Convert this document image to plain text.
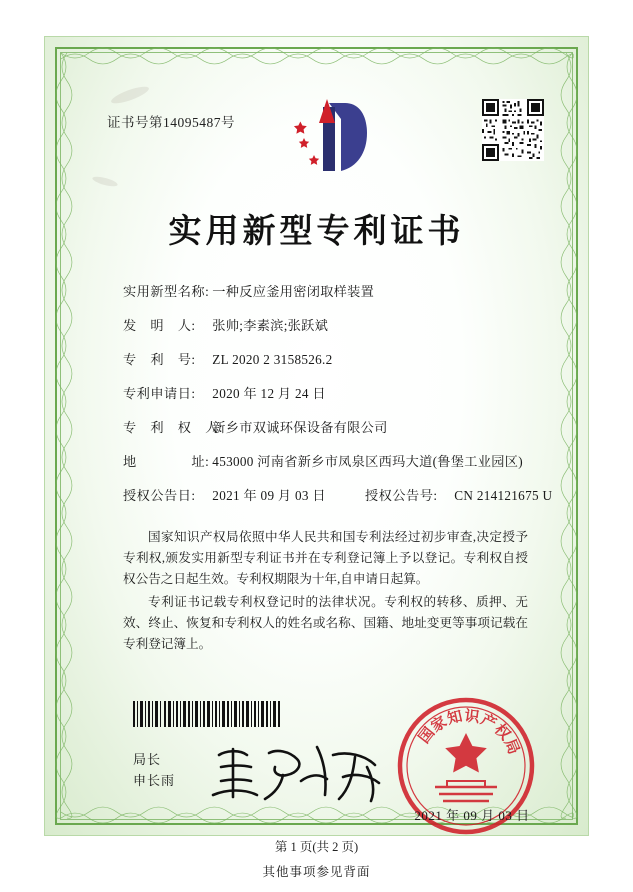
证书号第14095487号
实用新型专利证书
实用新型名称: 一种反应釜用密闭取样装置
发　明　人: 张帅;李素滨;张跃斌
专　利　号: ZL 2020 2 3158526.2
专利申请日: 2020 年 12 月 24 日
专　利　权　人: 新乡市双诚环保设备有限公司
地　　　　址: 453000 河南省新乡市凤泉区西玛大道(鲁堡工业园区)
授权公告日: 2021 年 09 月 03 日	授权公告号: CN 214121675 U
国家知识产权局依照中华人民共和国专利法经过初步审查,决定授予专利权,颁发实用新型专利证书并在专利登记簿上予以登记。专利权自授权公告之日起生效。专利权期限为十年,自申请日起算。
专利证书记载专利权登记时的法律状况。专利权的转移、质押、无效、终止、恢复和专利权人的姓名或名称、国籍、地址变更等事项记载在专利登记簿上。
局长
申长雨
国
家
知 识
产
权
局
2021 年 09 月 03 日
第 1 页(共 2 页)
其他事项参见背面
